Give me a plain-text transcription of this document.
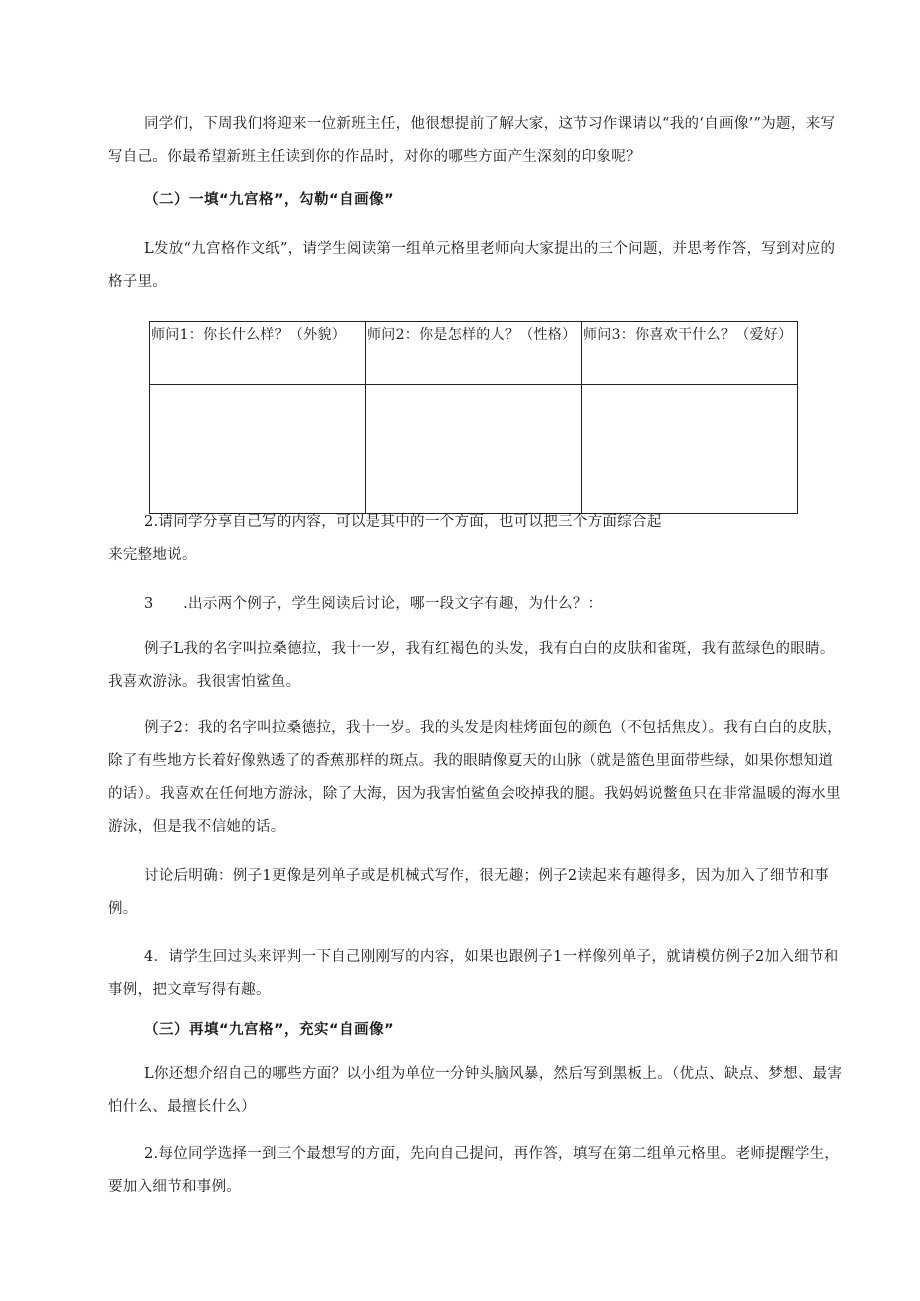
同学们，下周我们将迎来一位新班主任，他很想提前了解大家，这节习作课请以“我的‘自画像’”为题，来写写自己。你最希望新班主任读到你的作品时，对你的哪些方面产生深刻的印象呢？

（二）一填“九宫格”，勾勒“自画像”

L发放“九宫格作文纸”，请学生阅读第一组单元格里老师向大家提出的三个问题，并思考作答，写到对应的格子里。

师问1：你长什么样？（外貌）	师问2：你是怎样的人？（性格）	师问3：你喜欢干什么？（爱好）

2.请同学分享自己写的内容，可以是其中的一个方面，也可以把三个方面综合起

来完整地说。

3　　.出示两个例子，学生阅读后讨论，哪一段文字有趣，为什么？：

例子L我的名字叫拉桑德拉，我十一岁，我有红褐色的头发，我有白白的皮肤和雀斑，我有蓝绿色的眼睛。我喜欢游泳。我很害怕鲨鱼。

例子2：我的名字叫拉桑德拉，我十一岁。我的头发是肉桂烤面包的颜色（不包括焦皮）。我有白白的皮肤，除了有些地方长着好像熟透了的香蕉那样的斑点。我的眼睛像夏天的山脉（就是篮色里面带些绿，如果你想知道的话）。我喜欢在任何地方游泳，除了大海，因为我害怕鲨鱼会咬掉我的腿。我妈妈说鳖鱼只在非常温暖的海水里游泳，但是我不信她的话。

讨论后明确：例子1更像是列单子或是机械式写作，很无趣；例子2读起来有趣得多，因为加入了细节和事例。

4．请学生回过头来评判一下自己刚刚写的内容，如果也跟例子1一样像列单子，就请模仿例子2加入细节和事例，把文章写得有趣。

（三）再填“九宫格”，充实“自画像”

L你还想介绍自己的哪些方面？以小组为单位一分钟头脑风暴，然后写到黑板上。（优点、缺点、梦想、最害怕什么、最擅长什么）

2.每位同学选择一到三个最想写的方面，先向自己提问，再作答，填写在第二组单元格里。老师提醒学生，要加入细节和事例。
